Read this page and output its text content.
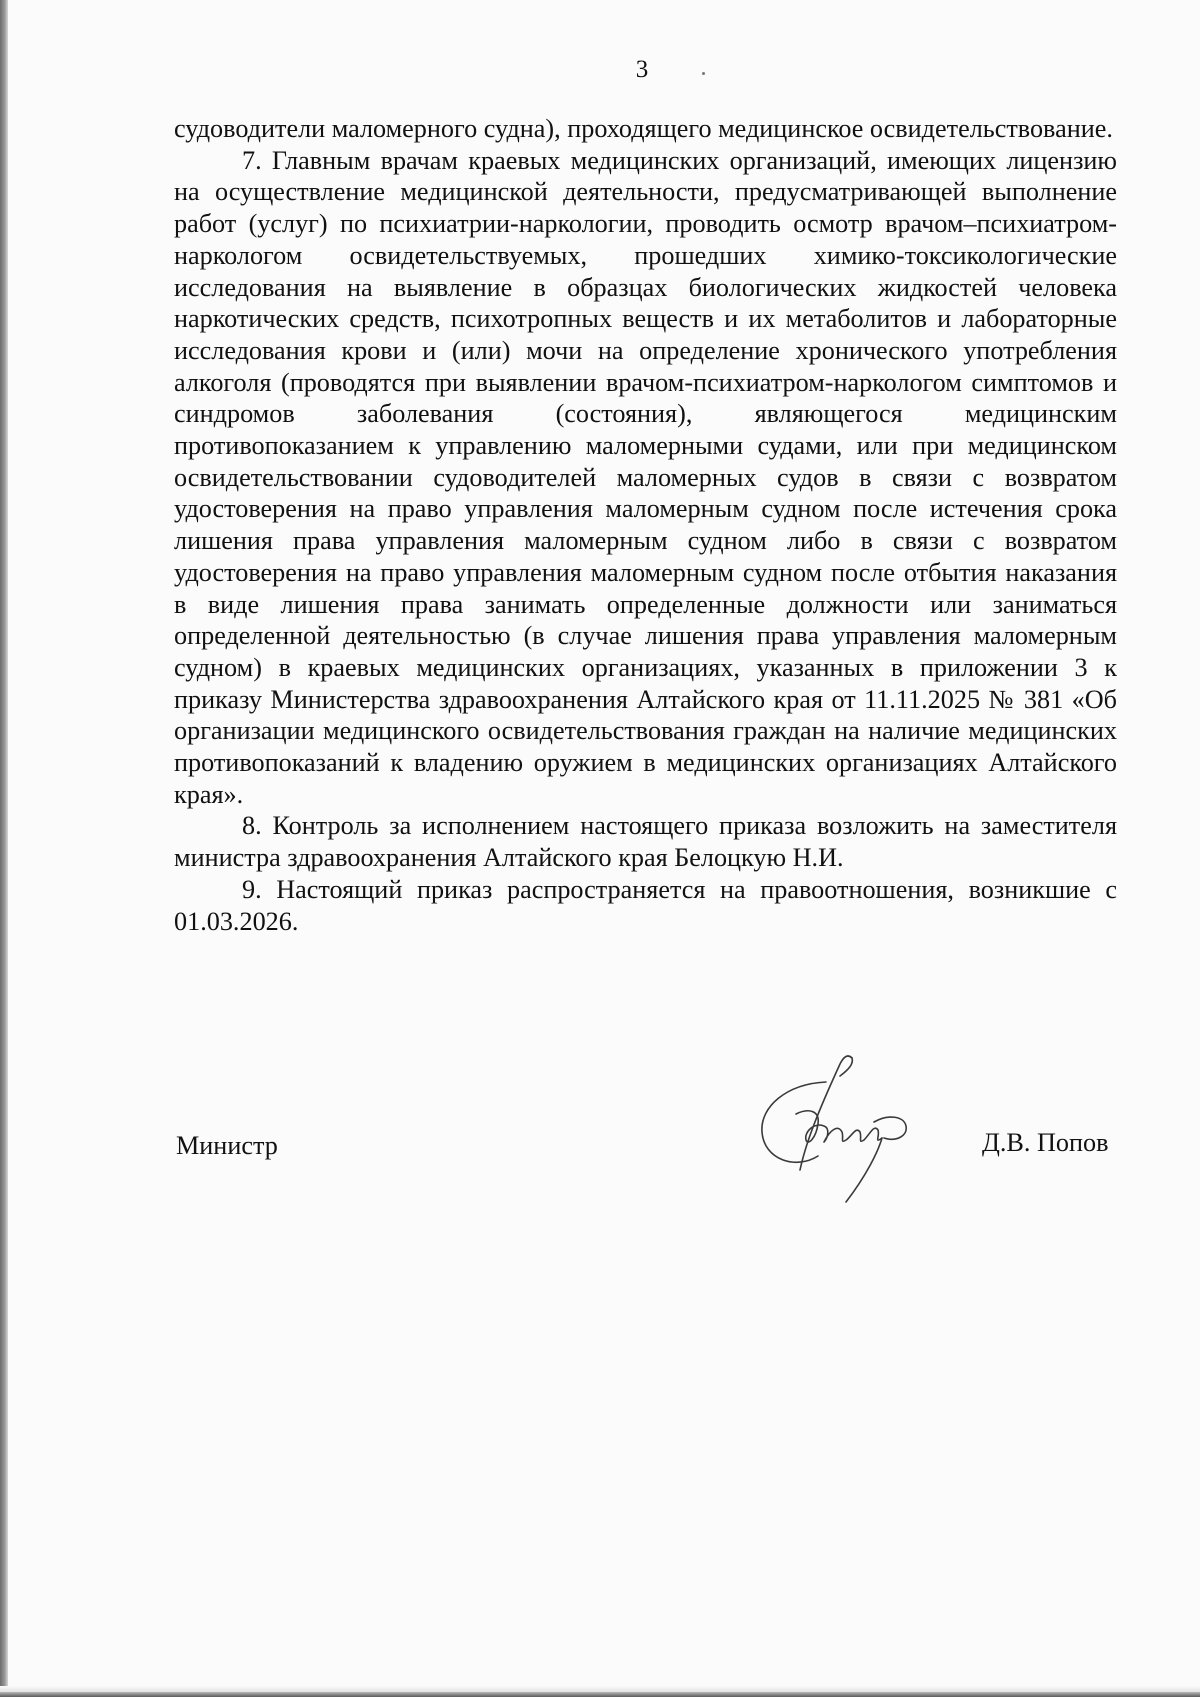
3

судоводители маломерного судна), проходящего медицинское освидетельствование.

7. Главным врачам краевых медицинских организаций, имеющих лицензию на осуществление медицинской деятельности, предусматривающей выполнение работ (услуг) по психиатрии-наркологии, проводить осмотр врачом–психиатром-наркологом освидетельствуемых, прошедших химико-токсикологические исследования на выявление в образцах биологических жидкостей человека наркотических средств, психотропных веществ и их метаболитов и лабораторные исследования крови и (или) мочи на определение хронического употребления алкоголя (проводятся при выявлении врачом-психиатром-наркологом симптомов и синдромов заболевания (состояния), являющегося медицинским противопоказанием к управлению маломерными судами, или при медицинском освидетельствовании судоводителей маломерных судов в связи с возвратом удостоверения на право управления маломерным судном после истечения срока лишения права управления маломерным судном либо в связи с возвратом удостоверения на право управления маломерным судном после отбытия наказания в виде лишения права занимать определенные должности или заниматься определенной деятельностью (в случае лишения права управления маломерным судном) в краевых медицинских организациях, указанных в приложении 3 к приказу Министерства здравоохранения Алтайского края от 11.11.2025 № 381 «Об организации медицинского освидетельствования граждан на наличие медицинских противопоказаний к владению оружием в медицинских организациях Алтайского края».

8. Контроль за исполнением настоящего приказа возложить на заместителя министра здравоохранения Алтайского края Белоцкую Н.И.

9. Настоящий приказ распространяется на правоотношения, возникшие с 01.03.2026.

Министр	Д.В. Попов
